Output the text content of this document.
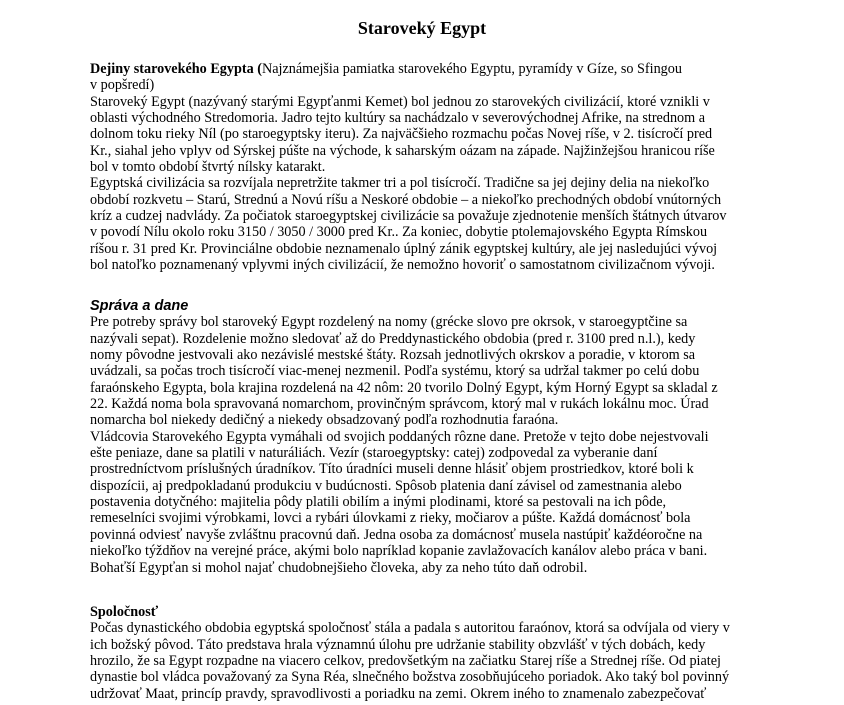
Staroveký Egypt
Dejiny starovekého Egypta (Najznámejšia pamiatka starovekého Egyptu, pyramídy v Gíze, so Sfingou
v popšredí)
Staroveký Egypt (nazývaný starými Egypťanmi Kemet) bol jednou zo starovekých civilizácií, ktoré vznikli v
oblasti východného Stredomoria. Jadro tejto kultúry sa nachádzalo v severovýchodnej Afrike, na strednom a
dolnom toku rieky Níl (po staroegyptsky iteru). Za najväčšieho rozmachu počas Novej ríše, v 2. tisícročí pred
Kr., siahal jeho vplyv od Sýrskej púšte na východe, k saharským oázam na západe. Najžinžejšou hranicou ríše
bol v tomto období štvrtý nílsky katarakt.
Egyptská civilizácia sa rozvíjala nepretržite takmer tri a pol tisícročí. Tradične sa jej dejiny delia na niekoľko
období rozkvetu – Starú, Strednú a Novú ríšu a Neskoré obdobie – a niekoľko prechodných období vnútorných
kríz a cudzej nadvlády. Za počiatok staroegyptskej civilizácie sa považuje zjednotenie menších štátnych útvarov
v povodí Nílu okolo roku 3150 / 3050 / 3000 pred Kr.. Za koniec, dobytie ptolemajovského Egypta Rímskou
ríšou r. 31 pred Kr. Provinciálne obdobie neznamenalo úplný zánik egyptskej kultúry, ale jej nasledujúci vývoj
bol natoľko poznamenaný vplyvmi iných civilizácií, že nemožno hovoriť o samostatnom civilizačnom vývoji.
Správa a dane
Pre potreby správy bol staroveký Egypt rozdelený na nomy (grécke slovo pre okrsok, v staroegyptčine sa
nazývali sepat). Rozdelenie možno sledovať až do Preddynastického obdobia (pred r. 3100 pred n.l.), kedy
nomy pôvodne jestvovali ako nezávislé mestské štáty. Rozsah jednotlivých okrskov a poradie, v ktorom sa
uvádzali, sa počas troch tisícročí viac-menej nezmenil. Podľa systému, ktorý sa udržal takmer po celú dobu
faraónskeho Egypta, bola krajina rozdelená na 42 nôm: 20 tvorilo Dolný Egypt, kým Horný Egypt sa skladal z
22. Každá noma bola spravovaná nomarchom, provinčným správcom, ktorý mal v rukách lokálnu moc. Úrad
nomarcha bol niekedy dedičný a niekedy obsadzovaný podľa rozhodnutia faraóna.
Vládcovia Starovekého Egypta vymáhali od svojich poddaných rôzne dane. Pretože v tejto dobe nejestvovali
ešte peniaze, dane sa platili v naturáliách. Vezír (staroegyptsky: catej) zodpovedal za vyberanie daní
prostredníctvom príslušných úradníkov. Títo úradníci museli denne hlásiť objem prostriedkov, ktoré boli k
dispozícii, aj predpokladanú produkciu v budúcnosti. Spôsob platenia daní závisel od zamestnania alebo
postavenia dotyčného: majitelia pôdy platili obilím a inými plodinami, ktoré sa pestovali na ich pôde,
remeselníci svojimi výrobkami, lovci a rybári úlovkami z rieky, močiarov a púšte. Každá domácnosť bola
povinná odviesť navyše zvláštnu pracovnú daň. Jedna osoba za domácnosť musela nastúpiť každéoročne na
niekoľko týždňov na verejné práce, akými bolo napríklad kopanie zavlažovacích kanálov alebo práca v bani.
Bohaťší Egypťan si mohol najať chudobnejšieho človeka, aby za neho túto daň odrobil.
Spoločnosť
Počas dynastického obdobia egyptská spoločnosť stála a padala s autoritou faraónov, ktorá sa odvíjala od viery v
ich božský pôvod. Táto predstava hrala významnú úlohu pre udržanie stability obzvlášť v tých dobách, kedy
hrozilo, že sa Egypt rozpadne na viacero celkov, predovšetkým na začiatku Starej ríše a Strednej ríše. Od piatej
dynastie bol vládca považovaný za Syna Réa, slnečného božstva zosobňujúceho poriadok. Ako taký bol povinný
udržovať Maat, princíp pravdy, spravodlivosti a poriadku na zemi. Okrem iného to znamenalo zabezpečovať
